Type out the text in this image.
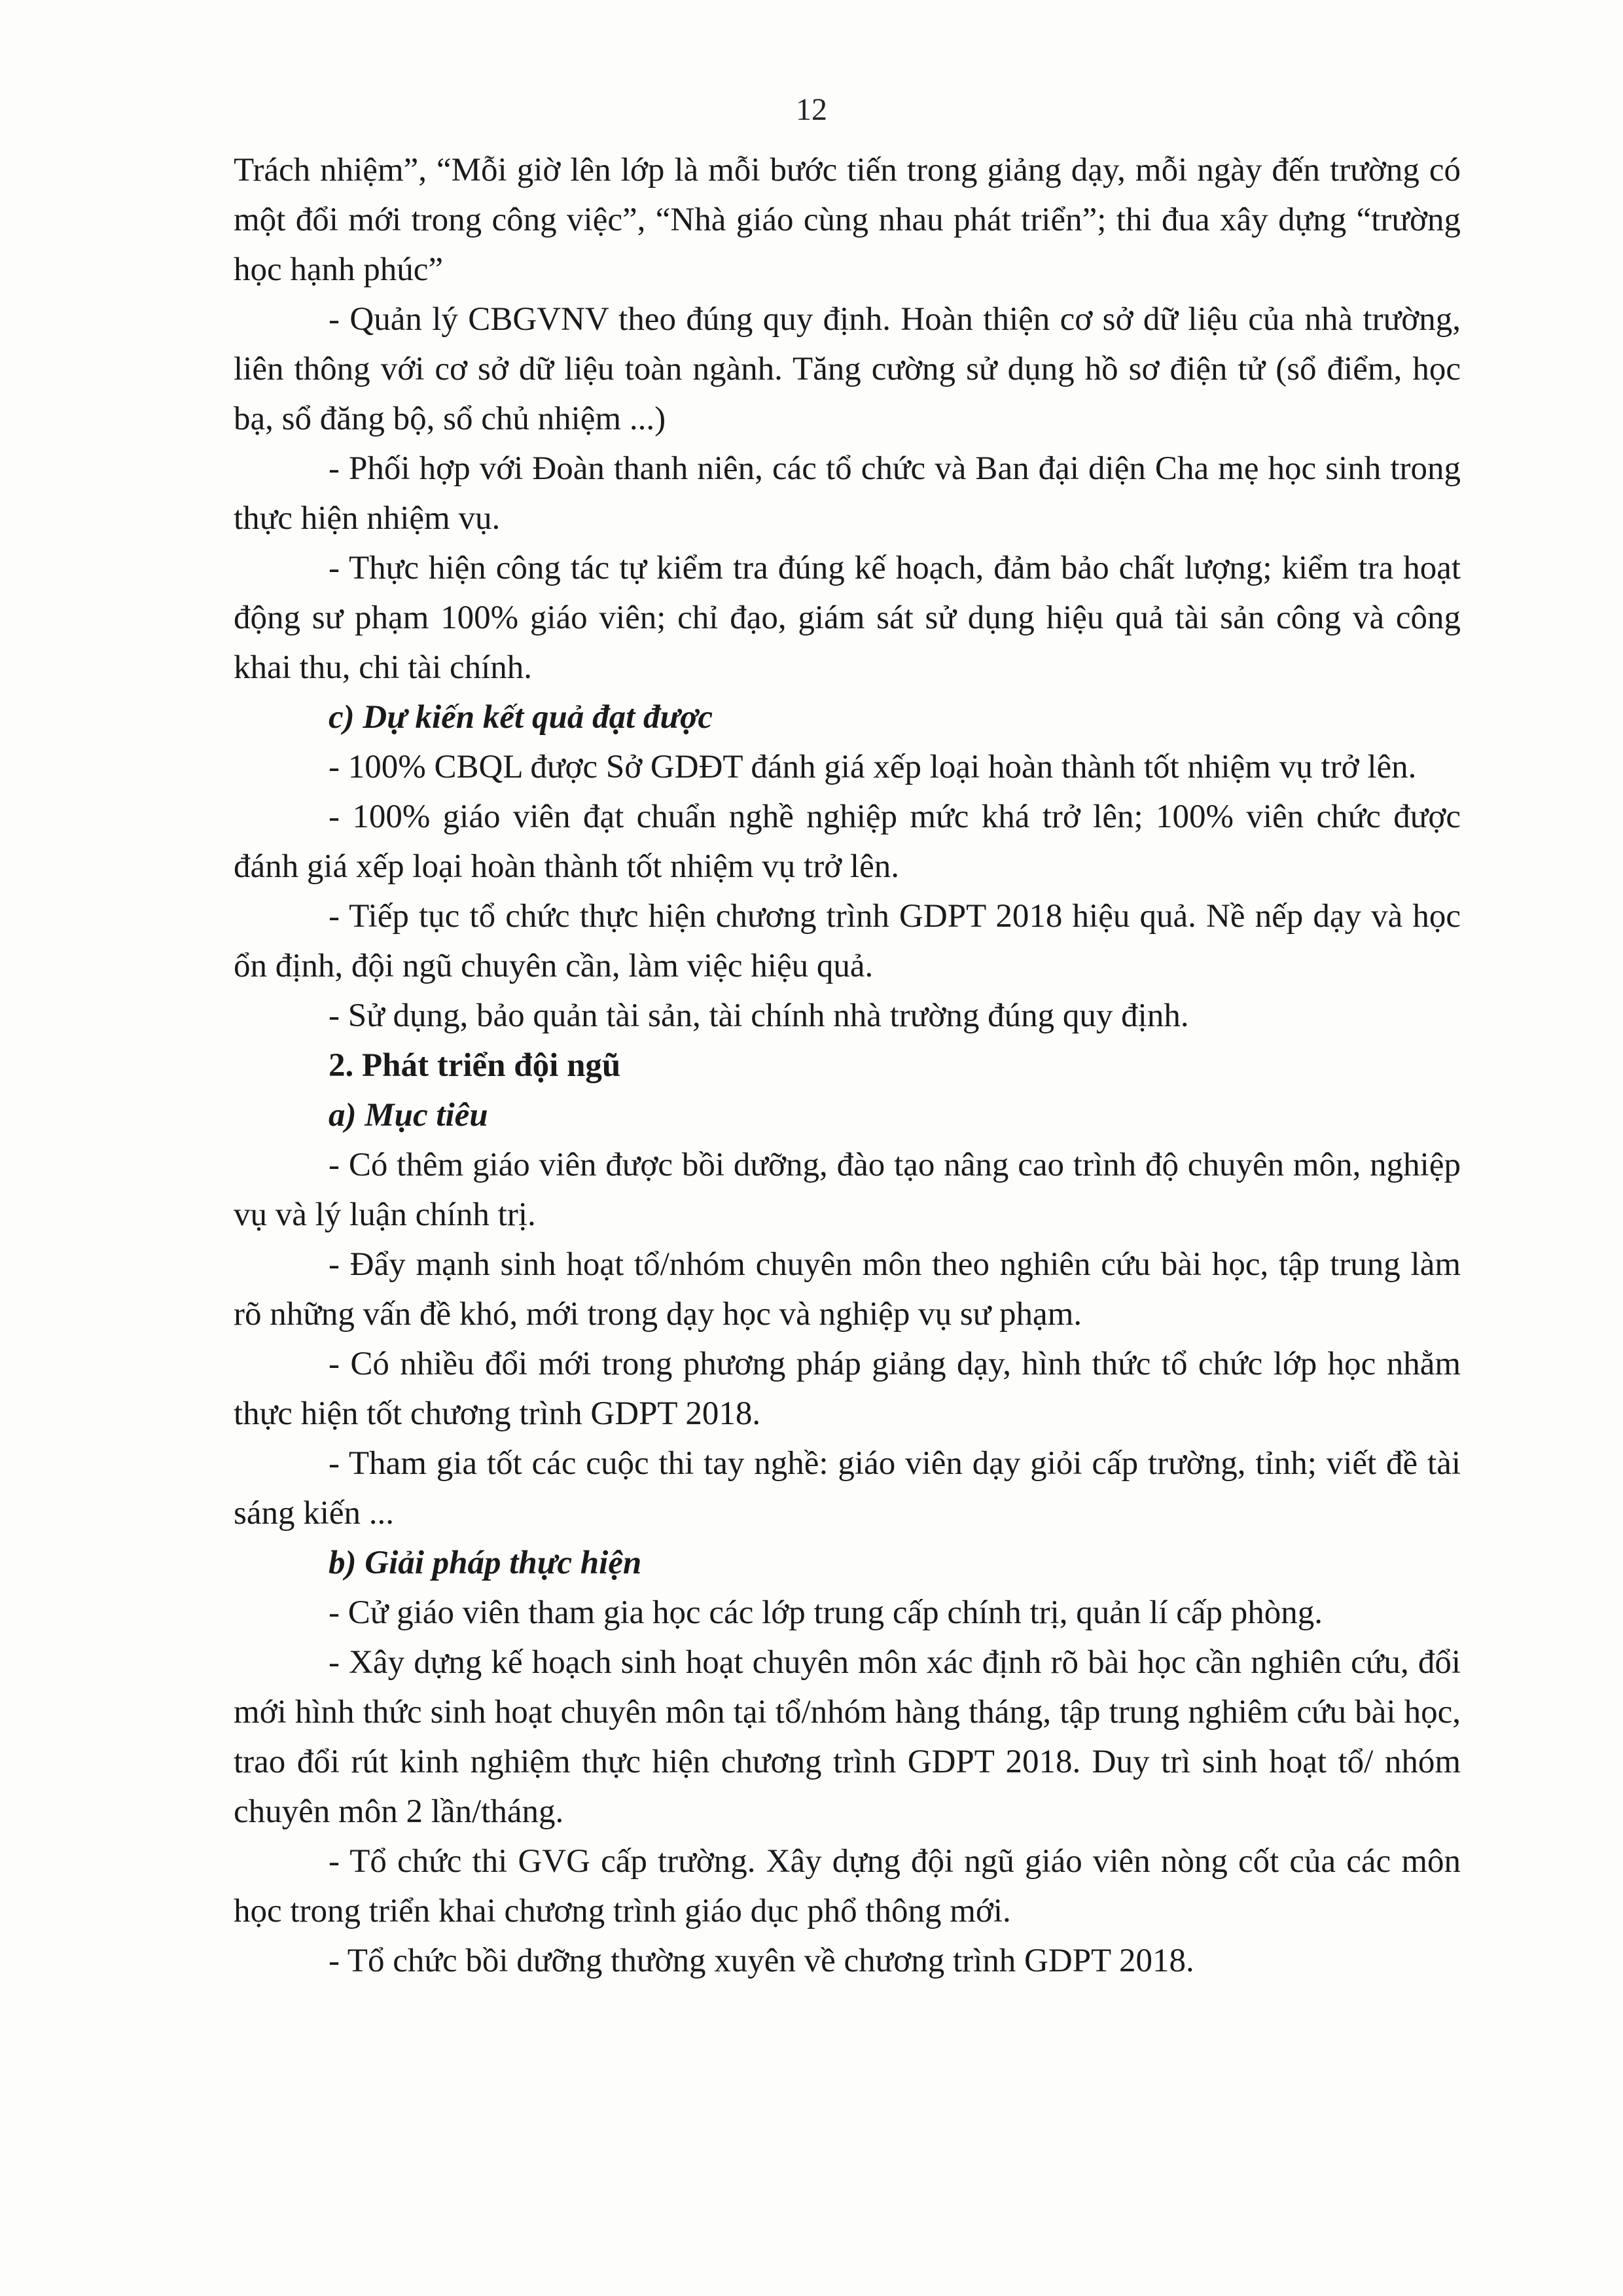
12

Trách nhiệm”, “Mỗi giờ lên lớp là mỗi bước tiến trong giảng dạy, mỗi ngày đến trường có một đổi mới trong công việc”, “Nhà giáo cùng nhau phát triển”; thi đua xây dựng “trường học hạnh phúc”

- Quản lý CBGVNV theo đúng quy định. Hoàn thiện cơ sở dữ liệu của nhà trường, liên thông với cơ sở dữ liệu toàn ngành. Tăng cường sử dụng hồ sơ điện tử (sổ điểm, học bạ, sổ đăng bộ, sổ chủ nhiệm ...)

- Phối hợp với Đoàn thanh niên, các tổ chức và Ban đại diện Cha mẹ học sinh trong thực hiện nhiệm vụ.

- Thực hiện công tác tự kiểm tra đúng kế hoạch, đảm bảo chất lượng; kiểm tra hoạt động sư phạm 100% giáo viên; chỉ đạo, giám sát sử dụng hiệu quả tài sản công và công khai thu, chi tài chính.

c) Dự kiến kết quả đạt được

- 100% CBQL được Sở GDĐT đánh giá xếp loại hoàn thành tốt nhiệm vụ trở lên.

- 100% giáo viên đạt chuẩn nghề nghiệp mức khá trở lên; 100% viên chức được đánh giá xếp loại hoàn thành tốt nhiệm vụ trở lên.

- Tiếp tục tổ chức thực hiện chương trình GDPT 2018 hiệu quả. Nề nếp dạy và học ổn định, đội ngũ chuyên cần, làm việc hiệu quả.

- Sử dụng, bảo quản tài sản, tài chính nhà trường đúng quy định.

2. Phát triển đội ngũ

a) Mục tiêu

- Có thêm giáo viên được bồi dưỡng, đào tạo nâng cao trình độ chuyên môn, nghiệp vụ và lý luận chính trị.

- Đẩy mạnh sinh hoạt tổ/nhóm chuyên môn theo nghiên cứu bài học, tập trung làm rõ những vấn đề khó, mới trong dạy học và nghiệp vụ sư phạm.

- Có nhiều đổi mới trong phương pháp giảng dạy, hình thức tổ chức lớp học nhằm thực hiện tốt chương trình GDPT 2018.

- Tham gia tốt các cuộc thi tay nghề: giáo viên dạy giỏi cấp trường, tỉnh; viết đề tài sáng kiến ...

b) Giải pháp thực hiện

- Cử giáo viên tham gia học các lớp trung cấp chính trị, quản lí cấp phòng.

- Xây dựng kế hoạch sinh hoạt chuyên môn xác định rõ bài học cần nghiên cứu, đổi mới hình thức sinh hoạt chuyên môn tại tổ/nhóm hàng tháng, tập trung nghiêm cứu bài học, trao đổi rút kinh nghiệm thực hiện chương trình GDPT 2018. Duy trì sinh hoạt tổ/ nhóm chuyên môn 2 lần/tháng.

- Tổ chức thi GVG cấp trường. Xây dựng đội ngũ giáo viên nòng cốt của các môn học trong triển khai chương trình giáo dục phổ thông mới.

- Tổ chức bồi dưỡng thường xuyên về chương trình GDPT 2018.
